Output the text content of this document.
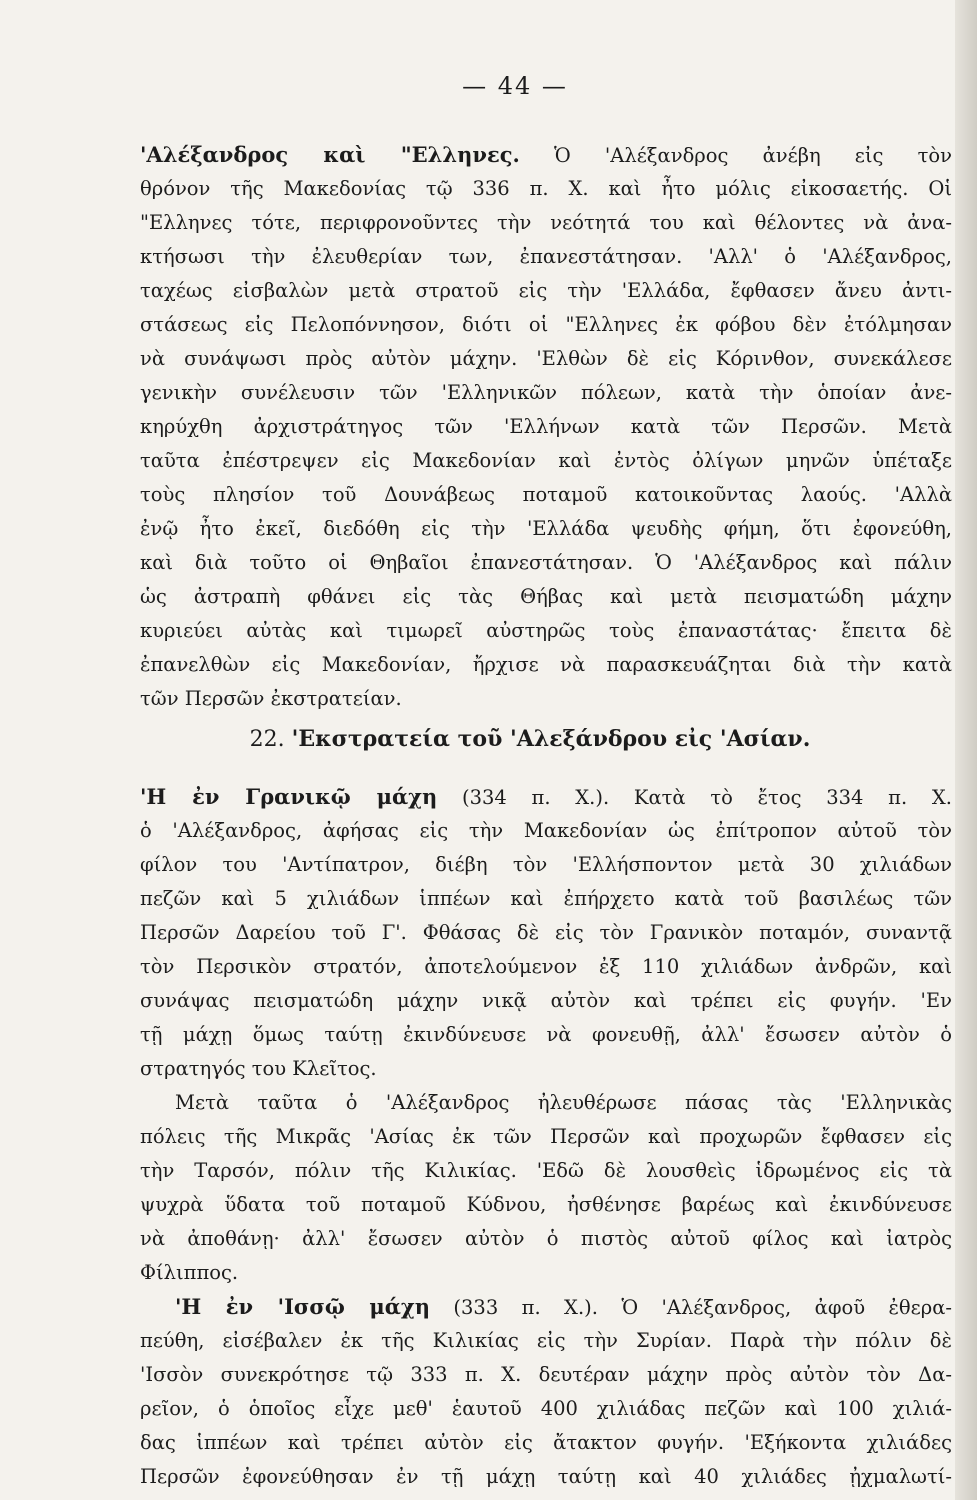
— 44 —
'Αλέξανδρος καὶ "Ελληνες. Ὁ 'Αλέξανδρος ἀνέβη εἰς τὸν
θρόνον τῆς Μακεδονίας τῷ 336 π. Χ. καὶ ἦτο μόλις εἰκοσαετής. Οἱ
"Ελληνες τότε, περιφρονοῦντες τὴν νεότητά του καὶ θέλοντες νὰ ἀνα-
κτήσωσι τὴν ἐλευθερίαν των, ἐπανεστάτησαν. 'Αλλ' ὁ 'Αλέξανδρος,
ταχέως εἰσβαλὼν μετὰ στρατοῦ εἰς τὴν 'Ελλάδα, ἔφθασεν ἄνευ ἀντι-
στάσεως εἰς Πελοπόννησον, διότι οἱ "Ελληνες ἐκ φόβου δὲν ἐτόλμησαν
νὰ συνάψωσι πρὸς αὐτὸν μάχην. 'Ελθὼν δὲ εἰς Κόρινθον, συνεκάλεσε
γενικὴν συνέλευσιν τῶν 'Ελληνικῶν πόλεων, κατὰ τὴν ὁποίαν ἀνε-
κηρύχθη ἀρχιστράτηγος τῶν 'Ελλήνων κατὰ τῶν Περσῶν. Μετὰ
ταῦτα ἐπέστρεψεν εἰς Μακεδονίαν καὶ ἐντὸς ὀλίγων μηνῶν ὑπέταξε
τοὺς πλησίον τοῦ Δουνάβεως ποταμοῦ κατοικοῦντας λαούς. 'Αλλὰ
ἐνῷ ἦτο ἐκεῖ, διεδόθη εἰς τὴν 'Ελλάδα ψευδὴς φήμη, ὅτι ἐφονεύθη,
καὶ διὰ τοῦτο οἱ Θηβαῖοι ἐπανεστάτησαν. Ὁ 'Αλέξανδρος καὶ πάλιν
ὡς ἀστραπὴ φθάνει εἰς τὰς Θήβας καὶ μετὰ πεισματώδη μάχην
κυριεύει αὐτὰς καὶ τιμωρεῖ αὐστηρῶς τοὺς ἐπαναστάτας· ἔπειτα δὲ
ἐπανελθὼν εἰς Μακεδονίαν, ἤρχισε νὰ παρασκευάζηται διὰ τὴν κατὰ
τῶν Περσῶν ἐκστρατείαν.
22. 'Εκστρατεία τοῦ 'Αλεξάνδρου εἰς 'Ασίαν.
'Η ἐν Γρανικῷ μάχη (334 π. Χ.). Κατὰ τὸ ἔτος 334 π. Χ.
ὁ 'Αλέξανδρος, ἀφήσας εἰς τὴν Μακεδονίαν ὡς ἐπίτροπον αὐτοῦ τὸν
φίλον του 'Αντίπατρον, διέβη τὸν 'Ελλήσποντον μετὰ 30 χιλιάδων
πεζῶν καὶ 5 χιλιάδων ἱππέων καὶ ἐπήρχετο κατὰ τοῦ βασιλέως τῶν
Περσῶν Δαρείου τοῦ Γ'. Φθάσας δὲ εἰς τὸν Γρανικὸν ποταμόν, συναντᾷ
τὸν Περσικὸν στρατόν, ἀποτελούμενον ἐξ 110 χιλιάδων ἀνδρῶν, καὶ
συνάψας πεισματώδη μάχην νικᾷ αὐτὸν καὶ τρέπει εἰς φυγήν. 'Εν
τῇ μάχῃ ὅμως ταύτῃ ἐκινδύνευσε νὰ φονευθῇ, ἀλλ' ἔσωσεν αὐτὸν ὁ
στρατηγός του Κλεῖτος.
Μετὰ ταῦτα ὁ 'Αλέξανδρος ἠλευθέρωσε πάσας τὰς 'Ελληνικὰς
πόλεις τῆς Μικρᾶς 'Ασίας ἐκ τῶν Περσῶν καὶ προχωρῶν ἔφθασεν εἰς
τὴν Ταρσόν, πόλιν τῆς Κιλικίας. 'Εδῶ δὲ λουσθεὶς ἱδρωμένος εἰς τὰ
ψυχρὰ ὕδατα τοῦ ποταμοῦ Κύδνου, ἠσθένησε βαρέως καὶ ἐκινδύνευσε
νὰ ἀποθάνῃ· ἀλλ' ἔσωσεν αὐτὸν ὁ πιστὸς αὐτοῦ φίλος καὶ ἰατρὸς
Φίλιππος.
'Η ἐν 'Ισσῷ μάχη (333 π. Χ.). Ὁ 'Αλέξανδρος, ἀφοῦ ἐθερα-
πεύθη, εἰσέβαλεν ἐκ τῆς Κιλικίας εἰς τὴν Συρίαν. Παρὰ τὴν πόλιν δὲ
'Ισσὸν συνεκρότησε τῷ 333 π. Χ. δευτέραν μάχην πρὸς αὐτὸν τὸν Δα-
ρεῖον, ὁ ὁποῖος εἶχε μεθ' ἑαυτοῦ 400 χιλιάδας πεζῶν καὶ 100 χιλιά-
δας ἱππέων καὶ τρέπει αὐτὸν εἰς ἄτακτον φυγήν. 'Εξήκοντα χιλιάδες
Περσῶν ἐφονεύθησαν ἐν τῇ μάχῃ ταύτῃ καὶ 40 χιλιάδες ᾐχμαλωτί-
